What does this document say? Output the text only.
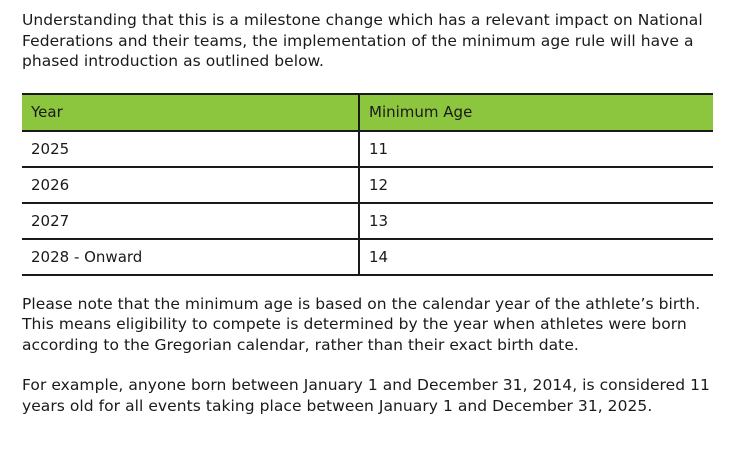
Understanding that this is a milestone change which has a relevant impact on National Federations and their teams, the implementation of the minimum age rule will have a phased introduction as outlined below.

Year	Minimum Age
2025	11
2026	12
2027	13
2028 - Onward	14

Please note that the minimum age is based on the calendar year of the athlete’s birth. This means eligibility to compete is determined by the year when athletes were born according to the Gregorian calendar, rather than their exact birth date.

For example, anyone born between January 1 and December 31, 2014, is considered 11 years old for all events taking place between January 1 and December 31, 2025.
